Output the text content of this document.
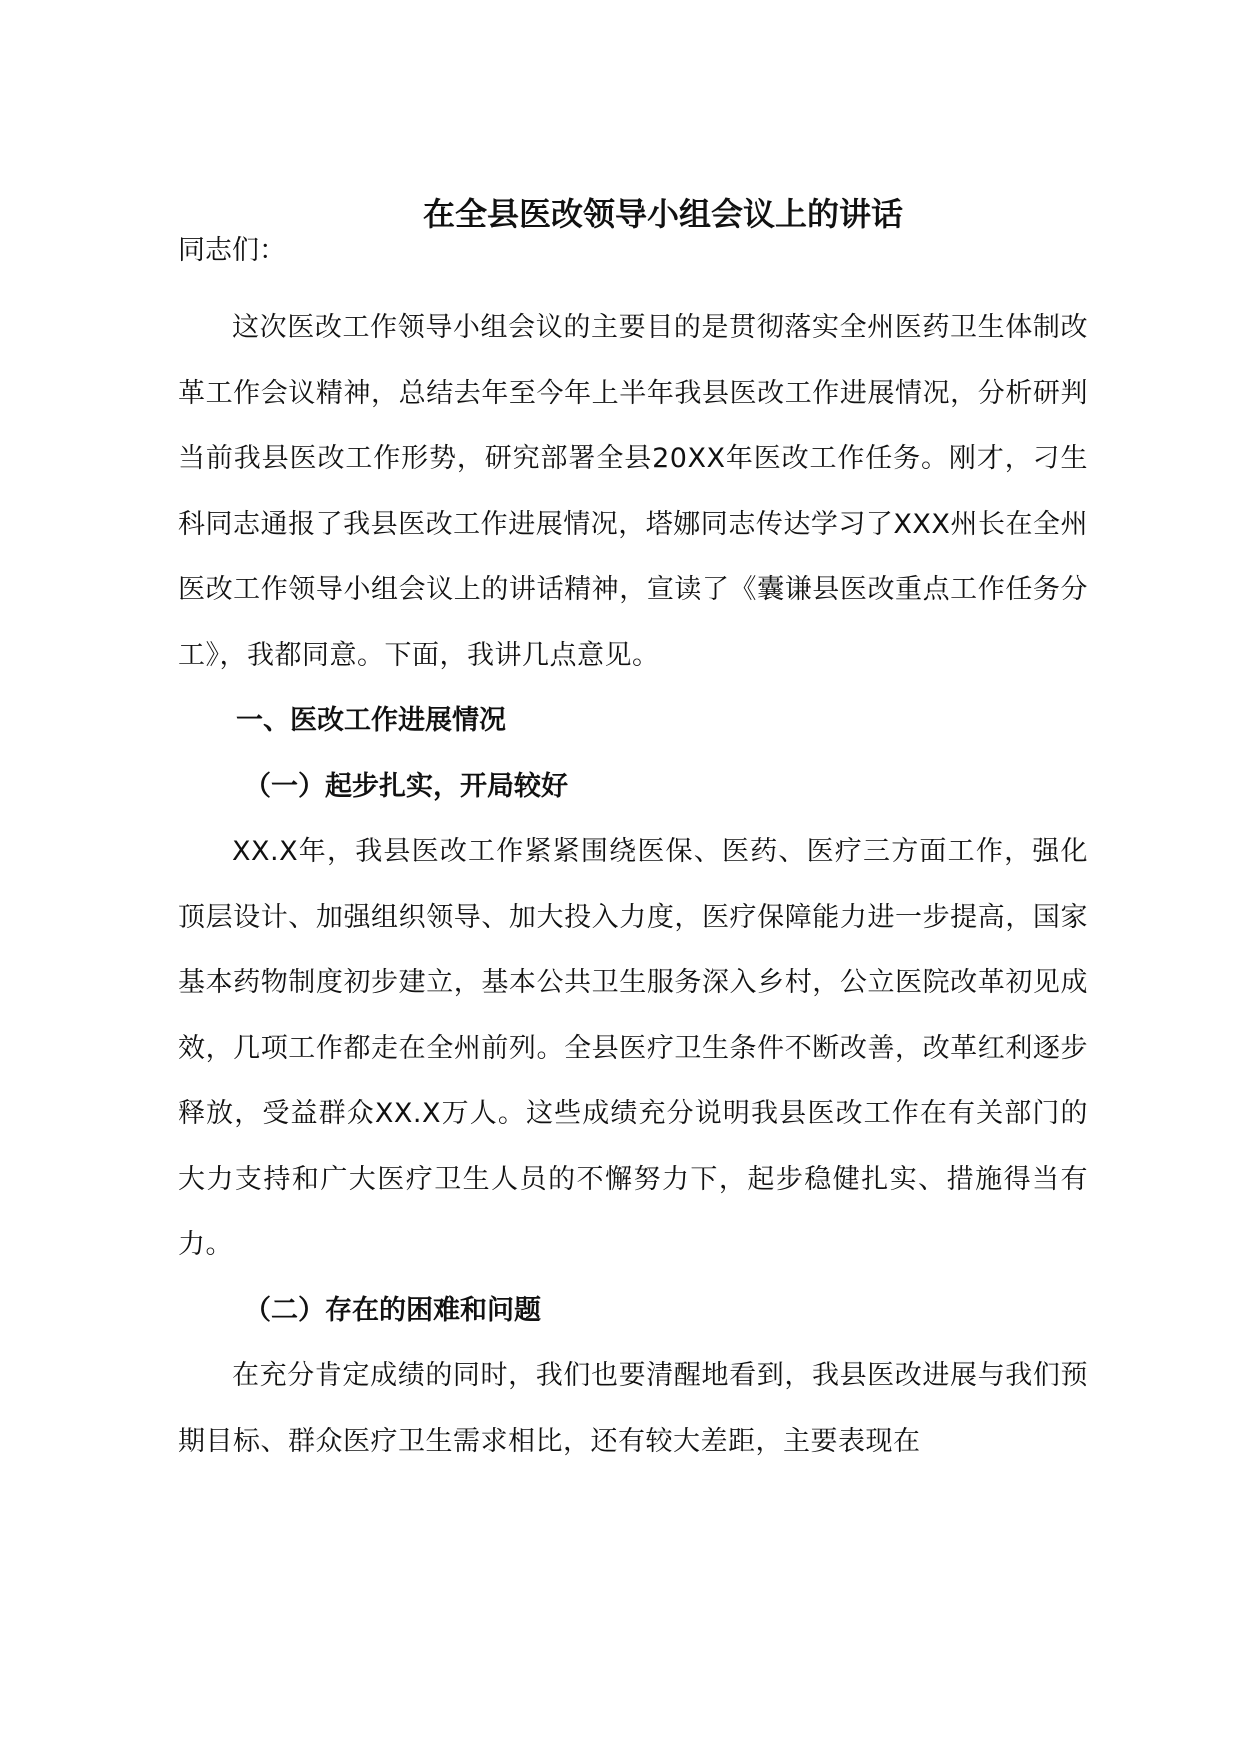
在全县医改领导小组会议上的讲话

同志们：

这次医改工作领导小组会议的主要目的是贯彻落实全州医药卫生体制改革工作会议精神，总结去年至今年上半年我县医改工作进展情况，分析研判当前我县医改工作形势，研究部署全县20XX年医改工作任务。刚才，刁生科同志通报了我县医改工作进展情况，塔娜同志传达学习了XXX州长在全州医改工作领导小组会议上的讲话精神，宣读了《囊谦县医改重点工作任务分工》，我都同意。下面，我讲几点意见。

一、医改工作进展情况

（一）起步扎实，开局较好

XX.X年，我县医改工作紧紧围绕医保、医药、医疗三方面工作，强化顶层设计、加强组织领导、加大投入力度，医疗保障能力进一步提高，国家基本药物制度初步建立，基本公共卫生服务深入乡村，公立医院改革初见成效，几项工作都走在全州前列。全县医疗卫生条件不断改善，改革红利逐步释放，受益群众XX.X万人。这些成绩充分说明我县医改工作在有关部门的大力支持和广大医疗卫生人员的不懈努力下，起步稳健扎实、措施得当有力。

（二）存在的困难和问题

在充分肯定成绩的同时，我们也要清醒地看到，我县医改进展与我们预期目标、群众医疗卫生需求相比，还有较大差距，主要表现在
